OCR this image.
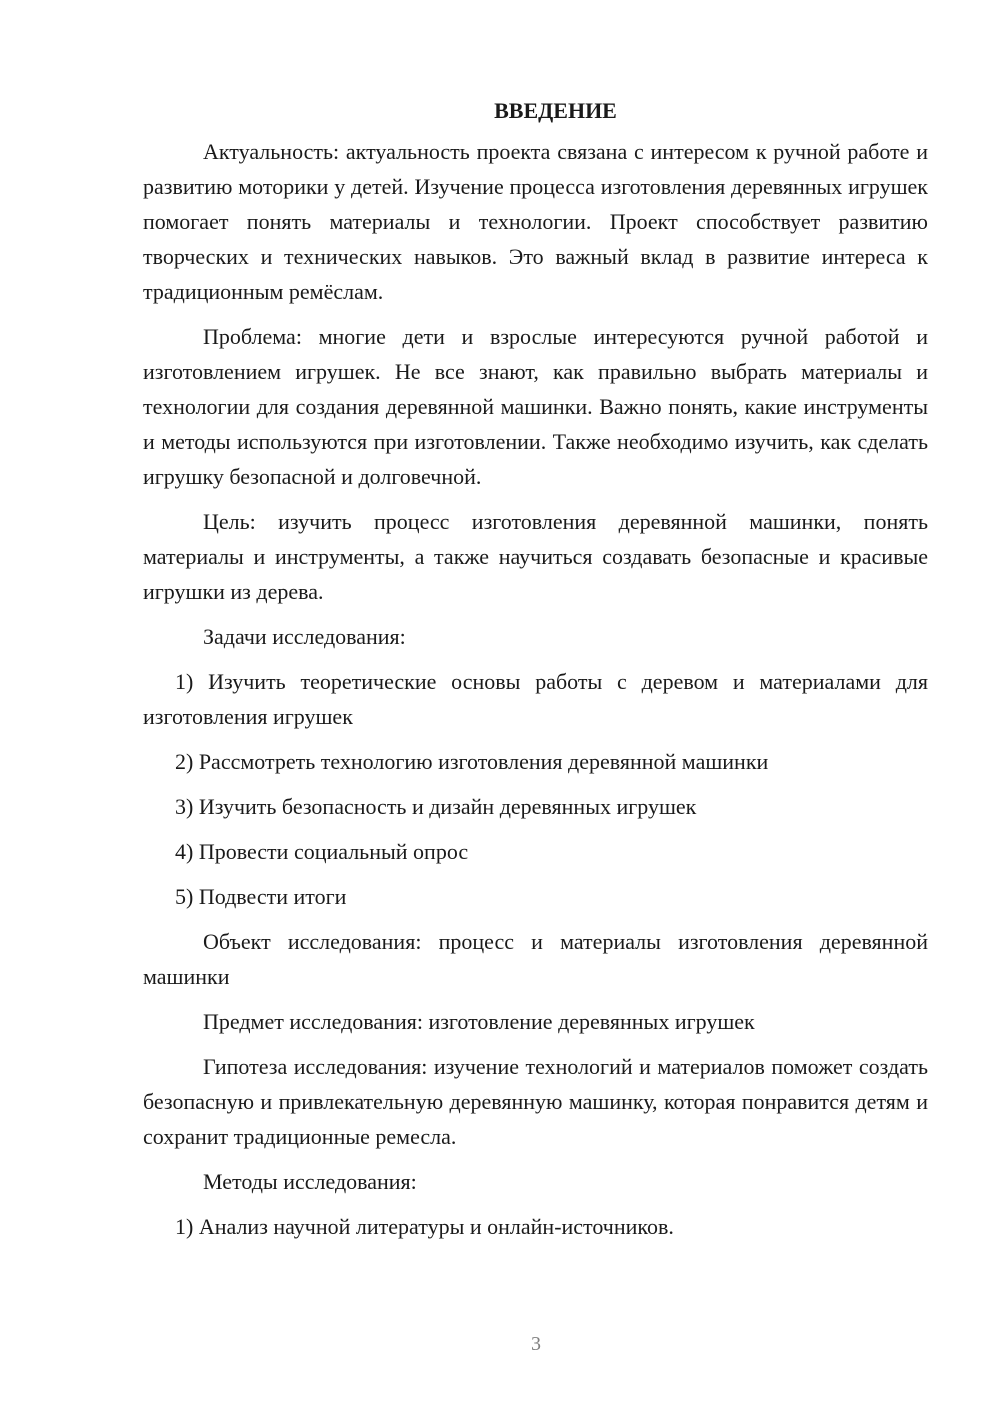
ВВЕДЕНИЕ

Актуальность: актуальность проекта связана с интересом к ручной работе и развитию моторики у детей. Изучение процесса изготовления деревянных игрушек помогает понять материалы и технологии. Проект способствует развитию творческих и технических навыков. Это важный вклад в развитие интереса к традиционным ремёслам.

Проблема: многие дети и взрослые интересуются ручной работой и изготовлением игрушек. Не все знают, как правильно выбрать материалы и технологии для создания деревянной машинки. Важно понять, какие инструменты и методы используются при изготовлении. Также необходимо изучить, как сделать игрушку безопасной и долговечной.

Цель: изучить процесс изготовления деревянной машинки, понять материалы и инструменты, а также научиться создавать безопасные и красивые игрушки из дерева.

Задачи исследования:

1) Изучить теоретические основы работы с деревом и материалами для изготовления игрушек

2) Рассмотреть технологию изготовления деревянной машинки

3) Изучить безопасность и дизайн деревянных игрушек

4) Провести социальный опрос

5) Подвести итоги

Объект исследования: процесс и материалы изготовления деревянной машинки

Предмет исследования: изготовление деревянных игрушек

Гипотеза исследования: изучение технологий и материалов поможет создать безопасную и привлекательную деревянную машинку, которая понравится детям и сохранит традиционные ремесла.

Методы исследования:

1) Анализ научной литературы и онлайн-источников.

3
